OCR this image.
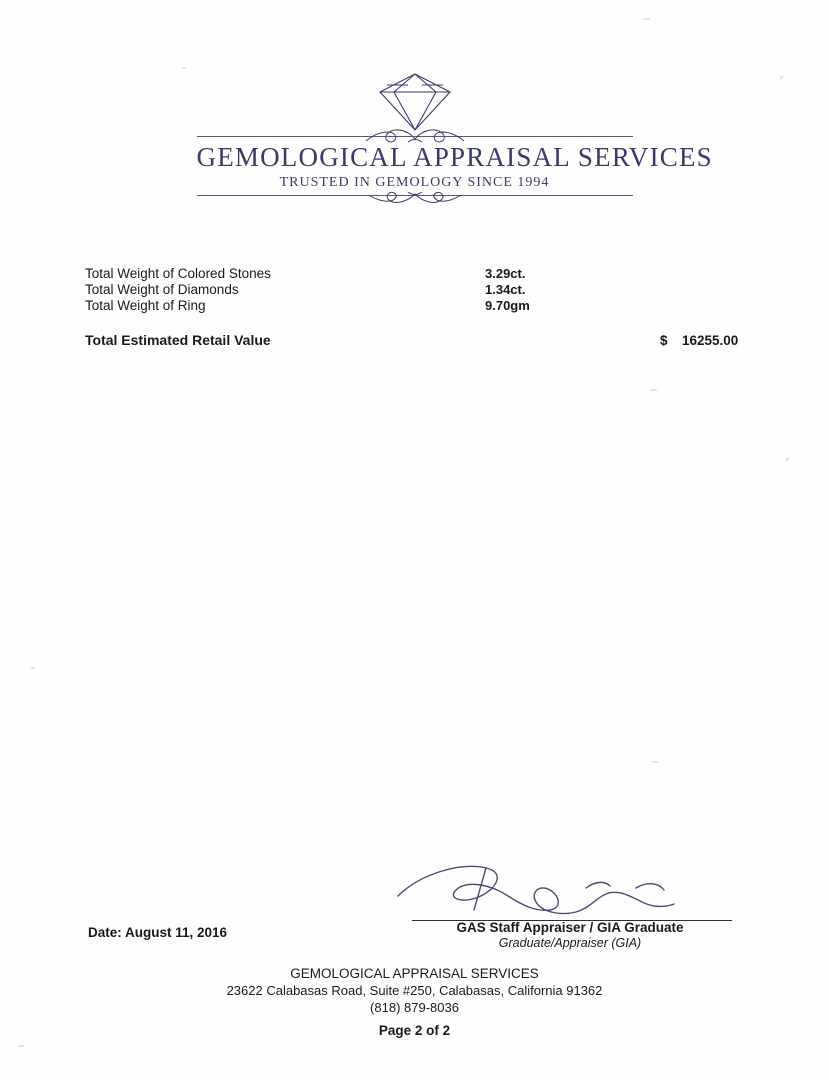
GEMOLOGICAL APPRAISAL SERVICES
TRUSTED IN GEMOLOGY SINCE 1994
Total Weight of Colored Stones	3.29ct.
Total Weight of Diamonds	1.34ct.
Total Weight of Ring	9.70gm
Total Estimated Retail Value	$ 16255.00
Date: August 11, 2016	GAS Staff Appraiser / GIA Graduate
Graduate/Appraiser (GIA)
GEMOLOGICAL APPRAISAL SERVICES
23622 Calabasas Road, Suite #250, Calabasas, California 91362
(818) 879-8036
Page 2 of 2
